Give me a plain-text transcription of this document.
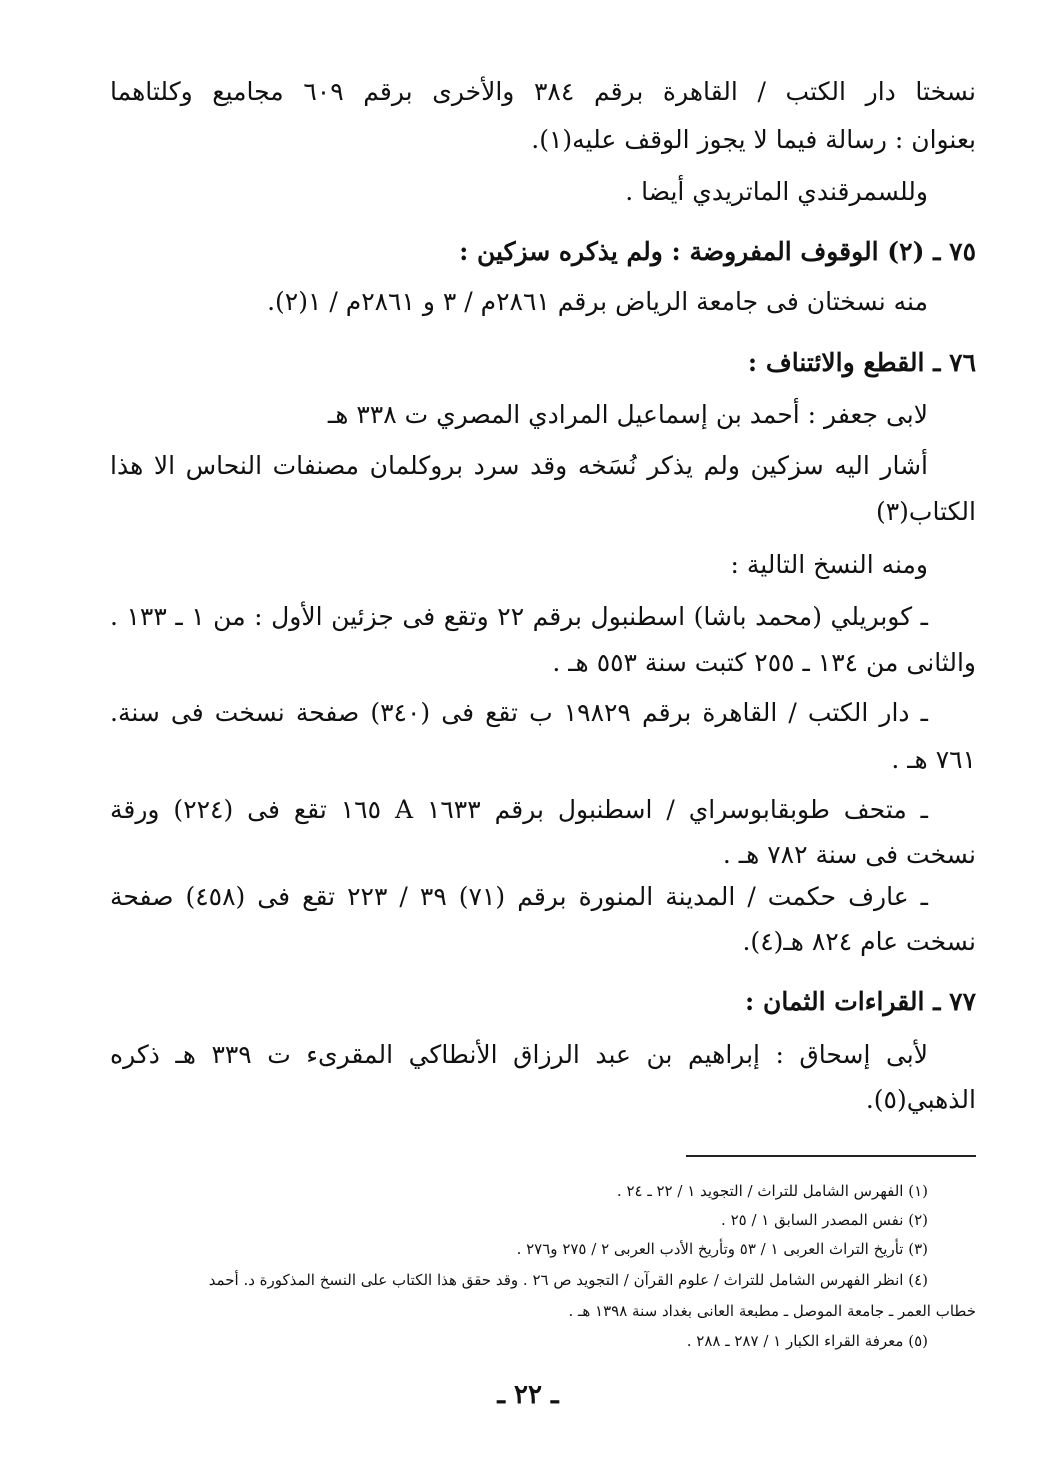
نسختا دار الكتب / القاهرة برقم ٣٨٤ والأخرى برقم ٦٠٩ مجاميع وكلتاهما
بعنوان : رسالة فيما لا يجوز الوقف عليه(١).
وللسمرقندي الماتريدي أيضا .
٧٥ ـ (٢) الوقوف المفروضة : ولم يذكره سزكين :
منه نسختان فى جامعة الرياض برقم ٢٨٦١م / ٣ و ٢٨٦١م / ١(٢).
٧٦ ـ القطع والائتناف :
لابى جعفر : أحمد بن إسماعيل المرادي المصري ت ٣٣٨ هـ
أشار اليه سزكين ولم يذكر نُسَخه وقد سرد بروكلمان مصنفات النحاس الا هذا
الكتاب(٣)
ومنه النسخ التالية :
ـ كوبريلي (محمد باشا) اسطنبول برقم ٢٢ وتقع فى جزئين الأول : من ١ ـ ١٣٣ .
والثانى من ١٣٤ ـ ٢٥٥ كتبت سنة ٥٥٣ هـ .
ـ دار الكتب / القاهرة برقم ١٩٨٢٩ ب تقع فى (٣٤٠) صفحة نسخت فى سنة.
٧٦١ هـ .
ـ متحف طوبقابوسراي / اسطنبول برقم ١٦٣٣ A ١٦٥ تقع فى (٢٢٤) ورقة
نسخت فى سنة ٧٨٢ هـ .
ـ عارف حكمت / المدينة المنورة برقم (٧١) ٣٩ / ٢٢٣ تقع فى (٤٥٨) صفحة
نسخت عام ٨٢٤ هـ(٤).
٧٧ ـ القراءات الثمان :
لأبى إسحاق : إبراهيم بن عبد الرزاق الأنطاكي المقرىء ت ٣٣٩ هـ ذكره
الذهبي(٥).
(١) الفهرس الشامل للتراث / التجويد ١ / ٢٢ ـ ٢٤ .
(٢) نفس المصدر السابق ١ / ٢٥ .
(٣) تأريخ التراث العربى ١ / ٥٣ وتأريخ الأدب العربى ٢ / ٢٧٥ و٢٧٦ .
(٤) انظر الفهرس الشامل للتراث / علوم القرآن / التجويد ص ٢٦ . وقد حقق هذا الكتاب على النسخ المذكورة د. أحمد
خطاب العمر ـ جامعة الموصل ـ مطبعة العانى بغداد سنة ١٣٩٨ هـ .
(٥) معرفة القراء الكبار ١ / ٢٨٧ ـ ٢٨٨ .
ـ ٢٢ ـ
